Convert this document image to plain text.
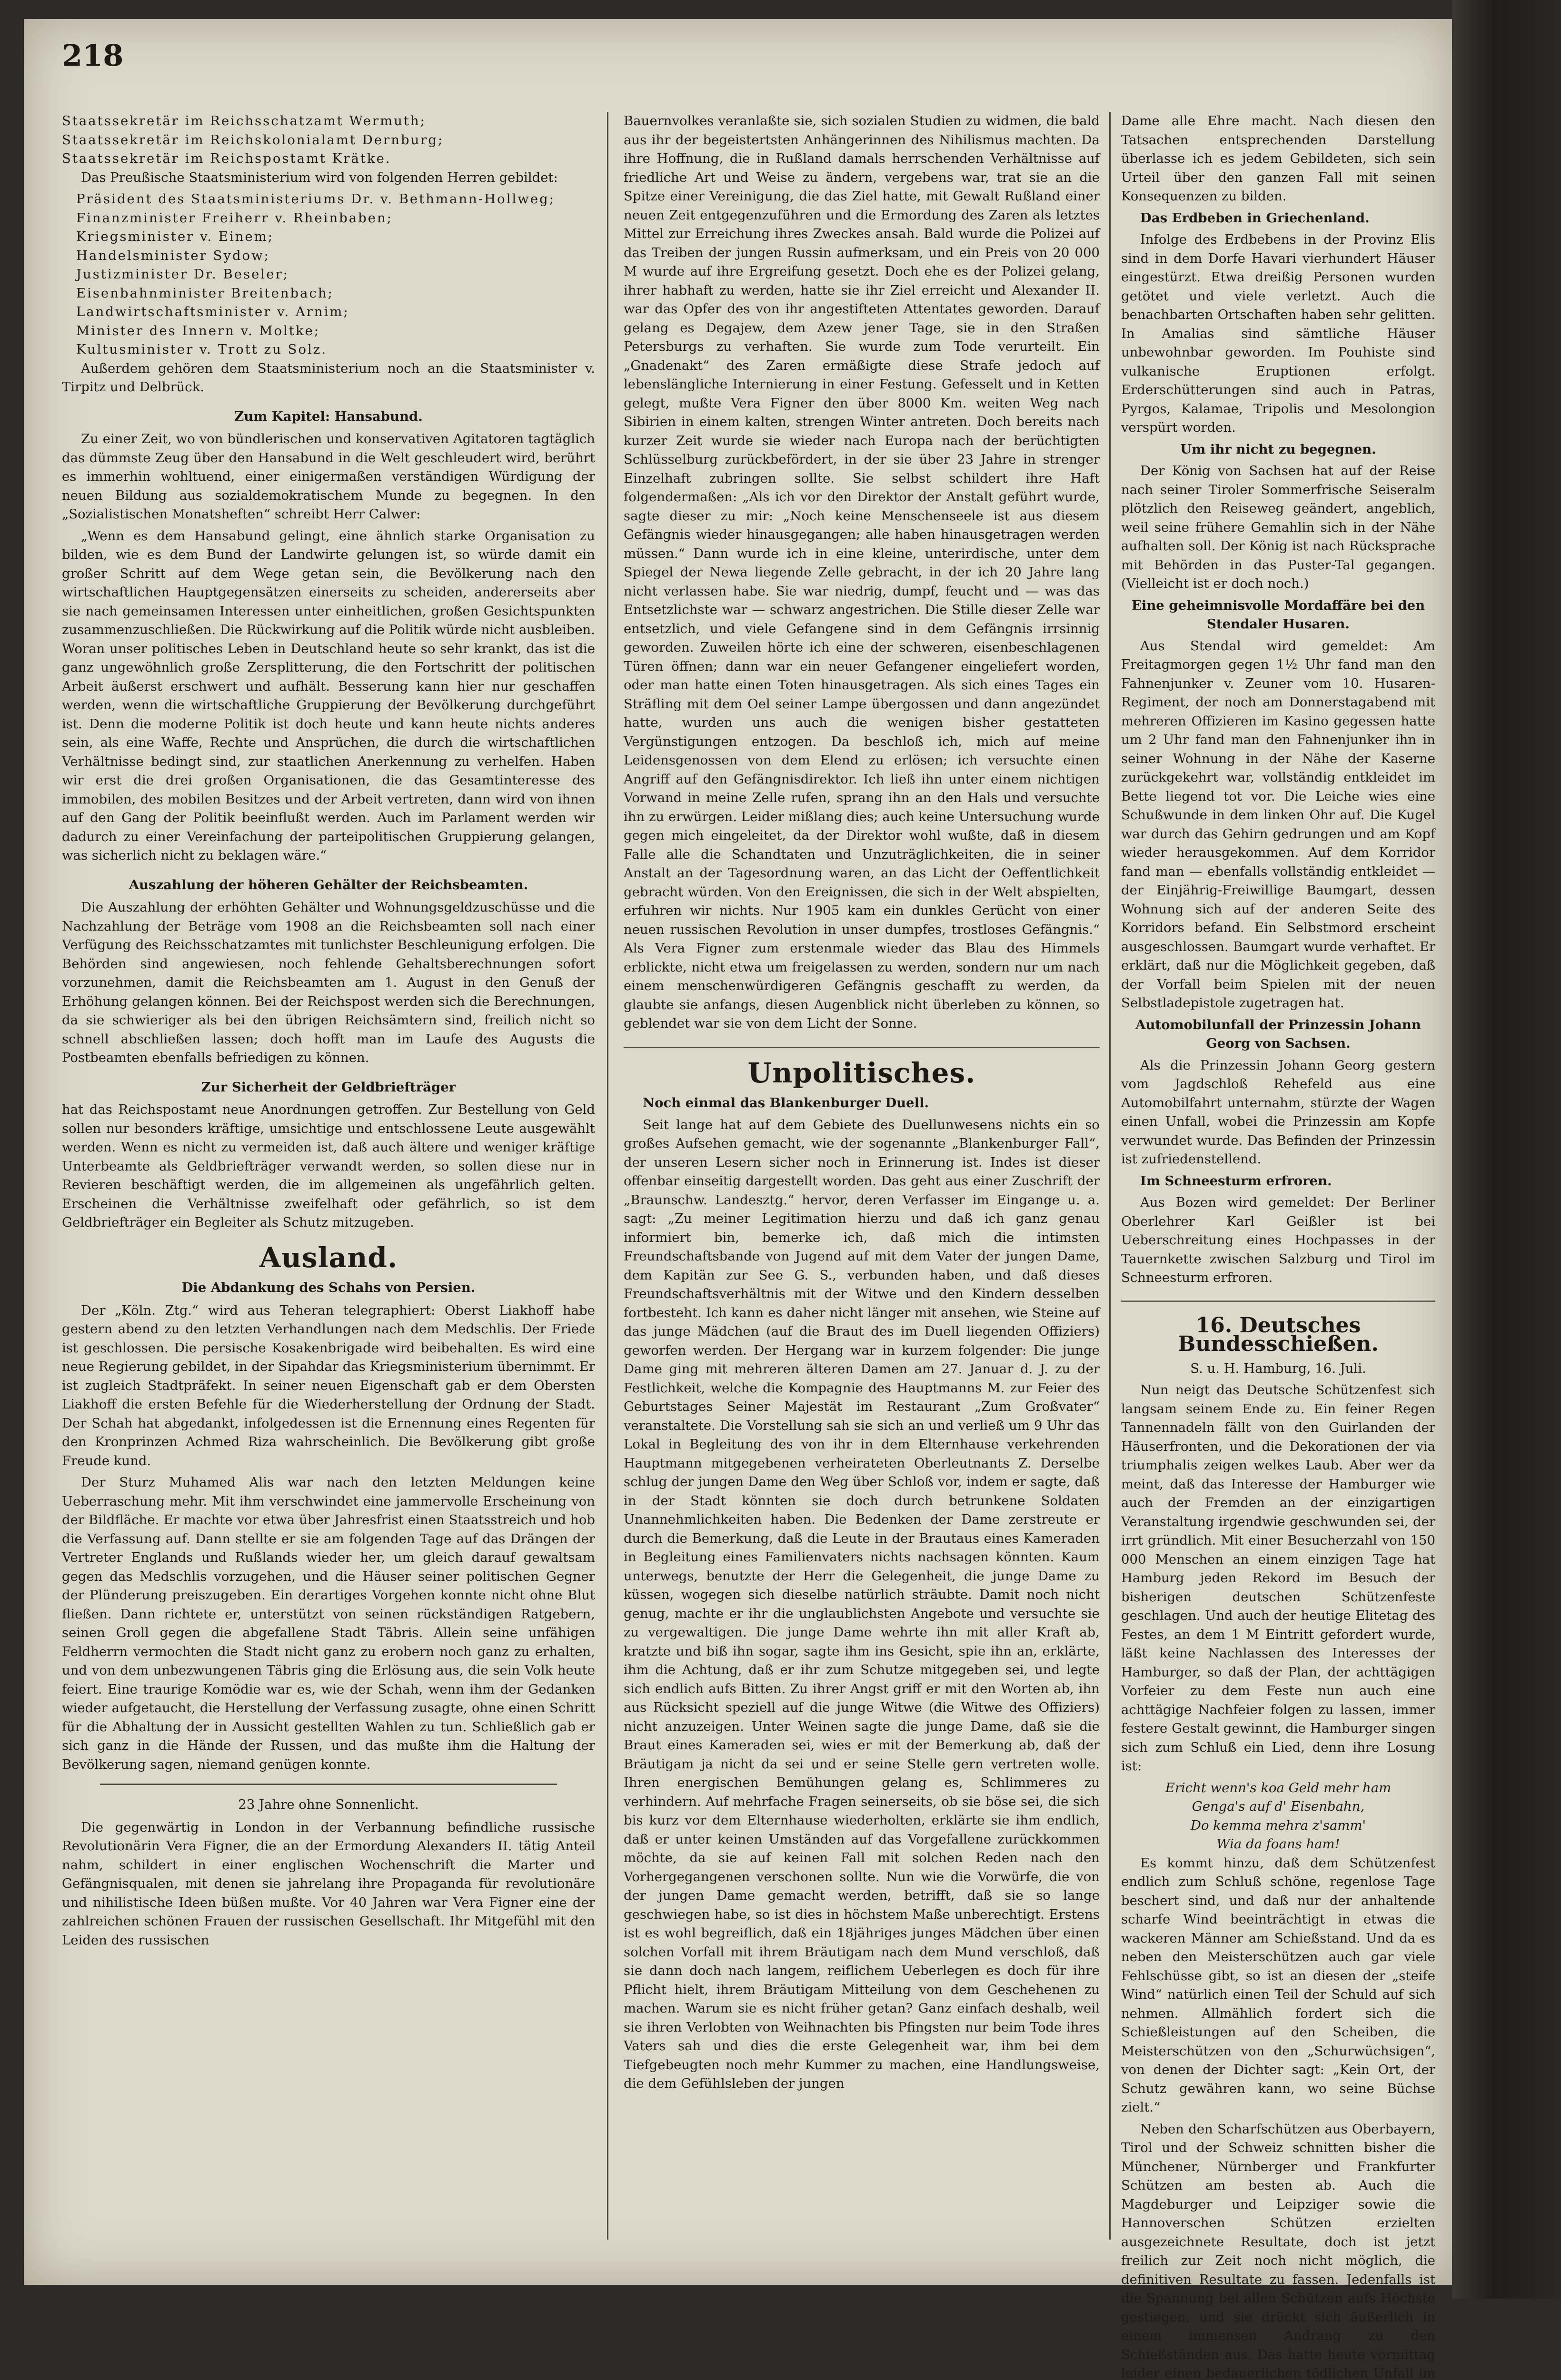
218

Staatssekretär im Reichsschatzamt Wermuth;

Staatssekretär im Reichskolonialamt Dernburg;

Staatssekretär im Reichspostamt Krätke.

Das Preußische Staatsministerium wird von folgenden Herren gebildet:

Präsident des Staatsministeriums Dr. v. Bethmann-Hollweg;

Finanzminister Freiherr v. Rheinbaben;

Kriegsminister v. Einem;

Handelsminister Sydow;

Justizminister Dr. Beseler;

Eisenbahnminister Breitenbach;

Landwirtschaftsminister v. Arnim;

Minister des Innern v. Moltke;

Kultusminister v. Trott zu Solz.

Außerdem gehören dem Staatsministerium noch an die Staatsminister v. Tirpitz und Delbrück.

Zum Kapitel: Hansabund.

Zu einer Zeit, wo von bündlerischen und konservativen Agitatoren tagtäglich das dümmste Zeug über den Hansabund in die Welt geschleudert wird, berührt es immerhin wohltuend, einer einigermaßen verständigen Würdigung der neuen Bildung aus sozialdemokratischem Munde zu begegnen. In den „Sozialistischen Monatsheften“ schreibt Herr Calwer:

„Wenn es dem Hansabund gelingt, eine ähnlich starke Organisation zu bilden, wie es dem Bund der Landwirte gelungen ist, so würde damit ein großer Schritt auf dem Wege getan sein, die Bevölkerung nach den wirtschaftlichen Hauptgegensätzen einerseits zu scheiden, andererseits aber sie nach gemeinsamen Interessen unter einheitlichen, großen Gesichtspunkten zusammenzuschließen. Die Rückwirkung auf die Politik würde nicht ausbleiben. Woran unser politisches Leben in Deutschland heute so sehr krankt, das ist die ganz ungewöhnlich große Zersplitterung, die den Fortschritt der politischen Arbeit äußerst erschwert und aufhält. Besserung kann hier nur geschaffen werden, wenn die wirtschaftliche Gruppierung der Bevölkerung durchgeführt ist. Denn die moderne Politik ist doch heute und kann heute nichts anderes sein, als eine Waffe, Rechte und Ansprüchen, die durch die wirtschaftlichen Verhältnisse bedingt sind, zur staatlichen Anerkennung zu verhelfen. Haben wir erst die drei großen Organisationen, die das Gesamtinteresse des immobilen, des mobilen Besitzes und der Arbeit vertreten, dann wird von ihnen auf den Gang der Politik beeinflußt werden. Auch im Parlament werden wir dadurch zu einer Vereinfachung der parteipolitischen Gruppierung gelangen, was sicherlich nicht zu beklagen wäre.“

Auszahlung der höheren Gehälter der Reichsbeamten.

Die Auszahlung der erhöhten Gehälter und Wohnungsgeldzuschüsse und die Nachzahlung der Beträge vom 1908 an die Reichsbeamten soll nach einer Verfügung des Reichsschatzamtes mit tunlichster Beschleunigung erfolgen. Die Behörden sind angewiesen, noch fehlende Gehaltsberechnungen sofort vorzunehmen, damit die Reichsbeamten am 1. August in den Genuß der Erhöhung gelangen können. Bei der Reichspost werden sich die Berechnungen, da sie schwieriger als bei den übrigen Reichsämtern sind, freilich nicht so schnell abschließen lassen; doch hofft man im Laufe des Augusts die Postbeamten ebenfalls befriedigen zu können.

Zur Sicherheit der Geldbriefträger

hat das Reichspostamt neue Anordnungen getroffen. Zur Bestellung von Geld sollen nur besonders kräftige, umsichtige und entschlossene Leute ausgewählt werden. Wenn es nicht zu vermeiden ist, daß auch ältere und weniger kräftige Unterbeamte als Geldbriefträger verwandt werden, so sollen diese nur in Revieren beschäftigt werden, die im allgemeinen als ungefährlich gelten. Erscheinen die Verhältnisse zweifelhaft oder gefährlich, so ist dem Geldbriefträger ein Begleiter als Schutz mitzugeben.

Ausland.
Die Abdankung des Schahs von Persien.

Der „Köln. Ztg.“ wird aus Teheran telegraphiert: Oberst Liakhoff habe gestern abend zu den letzten Verhandlungen nach dem Medschlis. Der Friede ist geschlossen. Die persische Kosakenbrigade wird beibehalten. Es wird eine neue Regierung gebildet, in der Sipahdar das Kriegsministerium übernimmt. Er ist zugleich Stadtpräfekt. In seiner neuen Eigenschaft gab er dem Obersten Liakhoff die ersten Befehle für die Wiederherstellung der Ordnung der Stadt. Der Schah hat abgedankt, infolgedessen ist die Ernennung eines Regenten für den Kronprinzen Achmed Riza wahrscheinlich. Die Bevölkerung gibt große Freude kund.

Der Sturz Muhamed Alis war nach den letzten Meldungen keine Ueberraschung mehr. Mit ihm verschwindet eine jammervolle Erscheinung von der Bildfläche. Er machte vor etwa über Jahresfrist einen Staatsstreich und hob die Verfassung auf. Dann stellte er sie am folgenden Tage auf das Drängen der Vertreter Englands und Rußlands wieder her, um gleich darauf gewaltsam gegen das Medschlis vorzugehen, und die Häuser seiner politischen Gegner der Plünderung preiszugeben. Ein derartiges Vorgehen konnte nicht ohne Blut fließen. Dann richtete er, unterstützt von seinen rückständigen Ratgebern, seinen Groll gegen die abgefallene Stadt Täbris. Allein seine unfähigen Feldherrn vermochten die Stadt nicht ganz zu erobern noch ganz zu erhalten, und von dem unbezwungenen Täbris ging die Erlösung aus, die sein Volk heute feiert. Eine traurige Komödie war es, wie der Schah, wenn ihm der Gedanken wieder aufgetaucht, die Herstellung der Verfassung zusagte, ohne einen Schritt für die Abhaltung der in Aussicht gestellten Wahlen zu tun. Schließlich gab er sich ganz in die Hände der Russen, und das mußte ihm die Haltung der Bevölkerung sagen, niemand genügen konnte.

23 Jahre ohne Sonnenlicht.

Die gegenwärtig in London in der Verbannung befindliche russische Revolutionärin Vera Figner, die an der Ermordung Alexanders II. tätig Anteil nahm, schildert in einer englischen Wochenschrift die Marter und Gefängnisqualen, mit denen sie jahrelang ihre Propaganda für revolutionäre und nihilistische Ideen büßen mußte. Vor 40 Jahren war Vera Figner eine der zahlreichen schönen Frauen der russischen Gesellschaft. Ihr Mitgefühl mit den Leiden des russischen

Bauernvolkes veranlaßte sie, sich sozialen Studien zu widmen, die bald aus ihr der begeistertsten Anhängerinnen des Nihilismus machten. Da ihre Hoffnung, die in Rußland damals herrschenden Verhältnisse auf friedliche Art und Weise zu ändern, vergebens war, trat sie an die Spitze einer Vereinigung, die das Ziel hatte, mit Gewalt Rußland einer neuen Zeit entgegenzuführen und die Ermordung des Zaren als letztes Mittel zur Erreichung ihres Zweckes ansah. Bald wurde die Polizei auf das Treiben der jungen Russin aufmerksam, und ein Preis von 20 000 M wurde auf ihre Ergreifung gesetzt. Doch ehe es der Polizei gelang, ihrer habhaft zu werden, hatte sie ihr Ziel erreicht und Alexander II. war das Opfer des von ihr angestifteten Attentates geworden. Darauf gelang es Degajew, dem Azew jener Tage, sie in den Straßen Petersburgs zu verhaften. Sie wurde zum Tode verurteilt. Ein „Gnadenakt“ des Zaren ermäßigte diese Strafe jedoch auf lebenslängliche Internierung in einer Festung. Gefesselt und in Ketten gelegt, mußte Vera Figner den über 8000 Km. weiten Weg nach Sibirien in einem kalten, strengen Winter antreten. Doch bereits nach kurzer Zeit wurde sie wieder nach Europa nach der berüchtigten Schlüsselburg zurückbefördert, in der sie über 23 Jahre in strenger Einzelhaft zubringen sollte. Sie selbst schildert ihre Haft folgendermaßen: „Als ich vor den Direktor der Anstalt geführt wurde, sagte dieser zu mir: „Noch keine Menschenseele ist aus diesem Gefängnis wieder hinausgegangen; alle haben hinausgetragen werden müssen.“ Dann wurde ich in eine kleine, unterirdische, unter dem Spiegel der Newa liegende Zelle gebracht, in der ich 20 Jahre lang nicht verlassen habe. Sie war niedrig, dumpf, feucht und — was das Entsetzlichste war — schwarz angestrichen. Die Stille dieser Zelle war entsetzlich, und viele Gefangene sind in dem Gefängnis irrsinnig geworden. Zuweilen hörte ich eine der schweren, eisenbeschlagenen Türen öffnen; dann war ein neuer Gefangener eingeliefert worden, oder man hatte einen Toten hinausgetragen. Als sich eines Tages ein Sträfling mit dem Oel seiner Lampe übergossen und dann angezündet hatte, wurden uns auch die wenigen bisher gestatteten Vergünstigungen entzogen. Da beschloß ich, mich auf meine Leidensgenossen von dem Elend zu erlösen; ich versuchte einen Angriff auf den Gefängnisdirektor. Ich ließ ihn unter einem nichtigen Vorwand in meine Zelle rufen, sprang ihn an den Hals und versuchte ihn zu erwürgen. Leider mißlang dies; auch keine Untersuchung wurde gegen mich eingeleitet, da der Direktor wohl wußte, daß in diesem Falle alle die Schandtaten und Unzuträglichkeiten, die in seiner Anstalt an der Tagesordnung waren, an das Licht der Oeffentlichkeit gebracht würden. Von den Ereignissen, die sich in der Welt abspielten, erfuhren wir nichts. Nur 1905 kam ein dunkles Gerücht von einer neuen russischen Revolution in unser dumpfes, trostloses Gefängnis.“ Als Vera Figner zum erstenmale wieder das Blau des Himmels erblickte, nicht etwa um freigelassen zu werden, sondern nur um nach einem menschenwürdigeren Gefängnis geschafft zu werden, da glaubte sie anfangs, diesen Augenblick nicht überleben zu können, so geblendet war sie von dem Licht der Sonne.

Unpolitisches.

Noch einmal das Blankenburger Duell.

Seit lange hat auf dem Gebiete des Duellunwesens nichts ein so großes Aufsehen gemacht, wie der sogenannte „Blankenburger Fall“, der unseren Lesern sicher noch in Erinnerung ist. Indes ist dieser offenbar einseitig dargestellt worden. Das geht aus einer Zuschrift der „Braunschw. Landesztg.“ hervor, deren Verfasser im Eingange u. a. sagt: „Zu meiner Legitimation hierzu und daß ich ganz genau informiert bin, bemerke ich, daß mich die intimsten Freundschaftsbande von Jugend auf mit dem Vater der jungen Dame, dem Kapitän zur See G. S., verbunden haben, und daß dieses Freundschaftsverhältnis mit der Witwe und den Kindern desselben fortbesteht. Ich kann es daher nicht länger mit ansehen, wie Steine auf das junge Mädchen (auf die Braut des im Duell liegenden Offiziers) geworfen werden. Der Hergang war in kurzem folgender: Die junge Dame ging mit mehreren älteren Damen am 27. Januar d. J. zu der Festlichkeit, welche die Kompagnie des Hauptmanns M. zur Feier des Geburtstages Seiner Majestät im Restaurant „Zum Großvater“ veranstaltete. Die Vorstellung sah sie sich an und verließ um 9 Uhr das Lokal in Begleitung des von ihr in dem Elternhause verkehrenden Hauptmann mitgegebenen verheirateten Oberleutnants Z. Derselbe schlug der jungen Dame den Weg über Schloß vor, indem er sagte, daß in der Stadt könnten sie doch durch betrunkene Soldaten Unannehmlichkeiten haben. Die Bedenken der Dame zerstreute er durch die Bemerkung, daß die Leute in der Brautaus eines Kameraden in Begleitung eines Familienvaters nichts nachsagen könnten. Kaum unterwegs, benutzte der Herr die Gelegenheit, die junge Dame zu küssen, wogegen sich dieselbe natürlich sträubte. Damit noch nicht genug, machte er ihr die unglaublichsten Angebote und versuchte sie zu vergewaltigen. Die junge Dame wehrte ihn mit aller Kraft ab, kratzte und biß ihn sogar, sagte ihm ins Gesicht, spie ihn an, erklärte, ihm die Achtung, daß er ihr zum Schutze mitgegeben sei, und legte sich endlich aufs Bitten. Zu ihrer Angst griff er mit den Worten ab, ihn aus Rücksicht speziell auf die junge Witwe (die Witwe des Offiziers) nicht anzuzeigen. Unter Weinen sagte die junge Dame, daß sie die Braut eines Kameraden sei, wies er mit der Bemerkung ab, daß der Bräutigam ja nicht da sei und er seine Stelle gern vertreten wolle. Ihren energischen Bemühungen gelang es, Schlimmeres zu verhindern. Auf mehrfache Fragen seinerseits, ob sie böse sei, die sich bis kurz vor dem Elternhause wiederholten, erklärte sie ihm endlich, daß er unter keinen Umständen auf das Vorgefallene zurückkommen möchte, da sie auf keinen Fall mit solchen Reden nach den Vorhergegangenen verschonen sollte. Nun wie die Vorwürfe, die von der jungen Dame gemacht werden, betrifft, daß sie so lange geschwiegen habe, so ist dies in höchstem Maße unberechtigt. Erstens ist es wohl begreiflich, daß ein 18jähriges junges Mädchen über einen solchen Vorfall mit ihrem Bräutigam nach dem Mund verschloß, daß sie dann doch nach langem, reiflichem Ueberlegen es doch für ihre Pflicht hielt, ihrem Bräutigam Mitteilung von dem Geschehenen zu machen. Warum sie es nicht früher getan? Ganz einfach deshalb, weil sie ihren Verlobten von Weihnachten bis Pfingsten nur beim Tode ihres Vaters sah und dies die erste Gelegenheit war, ihm bei dem Tiefgebeugten noch mehr Kummer zu machen, eine Handlungsweise, die dem Gefühlsleben der jungen

Dame alle Ehre macht. Nach diesen den Tatsachen entsprechenden Darstellung überlasse ich es jedem Gebildeten, sich sein Urteil über den ganzen Fall mit seinen Konsequenzen zu bilden.

Das Erdbeben in Griechenland.

Infolge des Erdbebens in der Provinz Elis sind in dem Dorfe Havari vierhundert Häuser eingestürzt. Etwa dreißig Personen wurden getötet und viele verletzt. Auch die benachbarten Ortschaften haben sehr gelitten. In Amalias sind sämtliche Häuser unbewohnbar geworden. Im Pouhiste sind vulkanische Eruptionen erfolgt. Erderschütterungen sind auch in Patras, Pyrgos, Kalamae, Tripolis und Mesolongion verspürt worden.

Um ihr nicht zu begegnen.

Der König von Sachsen hat auf der Reise nach seiner Tiroler Sommerfrische Seiseralm plötzlich den Reiseweg geändert, angeblich, weil seine frühere Gemahlin sich in der Nähe aufhalten soll. Der König ist nach Rücksprache mit Behörden in das Puster-Tal gegangen. (Vielleicht ist er doch noch.)

Eine geheimnisvolle Mordaffäre bei den Stendaler Husaren.

Aus Stendal wird gemeldet: Am Freitagmorgen gegen 1½ Uhr fand man den Fahnenjunker v. Zeuner vom 10. Husaren-Regiment, der noch am Donnerstagabend mit mehreren Offizieren im Kasino gegessen hatte um 2 Uhr fand man den Fahnenjunker ihn in seiner Wohnung in der Nähe der Kaserne zurückgekehrt war, vollständig entkleidet im Bette liegend tot vor. Die Leiche wies eine Schußwunde in dem linken Ohr auf. Die Kugel war durch das Gehirn gedrungen und am Kopf wieder herausgekommen. Auf dem Korridor fand man — ebenfalls vollständig entkleidet — der Einjährig-Freiwillige Baumgart, dessen Wohnung sich auf der anderen Seite des Korridors befand. Ein Selbstmord erscheint ausgeschlossen. Baumgart wurde verhaftet. Er erklärt, daß nur die Möglichkeit gegeben, daß der Vorfall beim Spielen mit der neuen Selbstladepistole zugetragen hat.

Automobilunfall der Prinzessin Johann Georg von Sachsen.

Als die Prinzessin Johann Georg gestern vom Jagdschloß Rehefeld aus eine Automobilfahrt unternahm, stürzte der Wagen einen Unfall, wobei die Prinzessin am Kopfe verwundet wurde. Das Befinden der Prinzessin ist zufriedenstellend.

Im Schneesturm erfroren.

Aus Bozen wird gemeldet: Der Berliner Oberlehrer Karl Geißler ist bei Ueberschreitung eines Hochpasses in der Tauernkette zwischen Salzburg und Tirol im Schneesturm erfroren.

16. Deutsches Bundesschießen.

S. u. H. Hamburg, 16. Juli.

Nun neigt das Deutsche Schützenfest sich langsam seinem Ende zu. Ein feiner Regen Tannennadeln fällt von den Guirlanden der Häuserfronten, und die Dekorationen der via triumphalis zeigen welkes Laub. Aber wer da meint, daß das Interesse der Hamburger wie auch der Fremden an der einzigartigen Veranstaltung irgendwie geschwunden sei, der irrt gründlich. Mit einer Besucherzahl von 150 000 Menschen an einem einzigen Tage hat Hamburg jeden Rekord im Besuch der bisherigen deutschen Schützenfeste geschlagen. Und auch der heutige Elitetag des Festes, an dem 1 M Eintritt gefordert wurde, läßt keine Nachlassen des Interesses der Hamburger, so daß der Plan, der achttägigen Vorfeier zu dem Feste nun auch eine achttägige Nachfeier folgen zu lassen, immer festere Gestalt gewinnt, die Hamburger singen sich zum Schluß ein Lied, denn ihre Losung ist:

Ericht wenn's koa Geld mehr ham

Genga's auf d' Eisenbahn,

Do kemma mehra z'samm'

Wia da foans ham!

Es kommt hinzu, daß dem Schützenfest endlich zum Schluß schöne, regenlose Tage beschert sind, und daß nur der anhaltende scharfe Wind beeinträchtigt in etwas die wackeren Männer am Schießstand. Und da es neben den Meisterschützen auch gar viele Fehlschüsse gibt, so ist an diesen der „steife Wind“ natürlich einen Teil der Schuld auf sich nehmen. Allmählich fordert sich die Schießleistungen auf den Scheiben, die Meisterschützen von den „Schurwüchsigen“, von denen der Dichter sagt: „Kein Ort, der Schutz gewähren kann, wo seine Büchse zielt.“

Neben den Scharfschützen aus Oberbayern, Tirol und der Schweiz schnitten bisher die Münchener, Nürnberger und Frankfurter Schützen am besten ab. Auch die Magdeburger und Leipziger sowie die Hannoverschen Schützen erzielten ausgezeichnete Resultate, doch ist jetzt freilich zur Zeit noch nicht möglich, die definitiven Resultate zu fassen. Jedenfalls ist die Spannung bei allen Schützen aufs Höchste gestiegen, und sie drückt sich äußerlich in einem immensen Andrang zu den Schießständen aus. Das hatte heute vormittag leider einen bedauerlichen tödlichen Unfall im
